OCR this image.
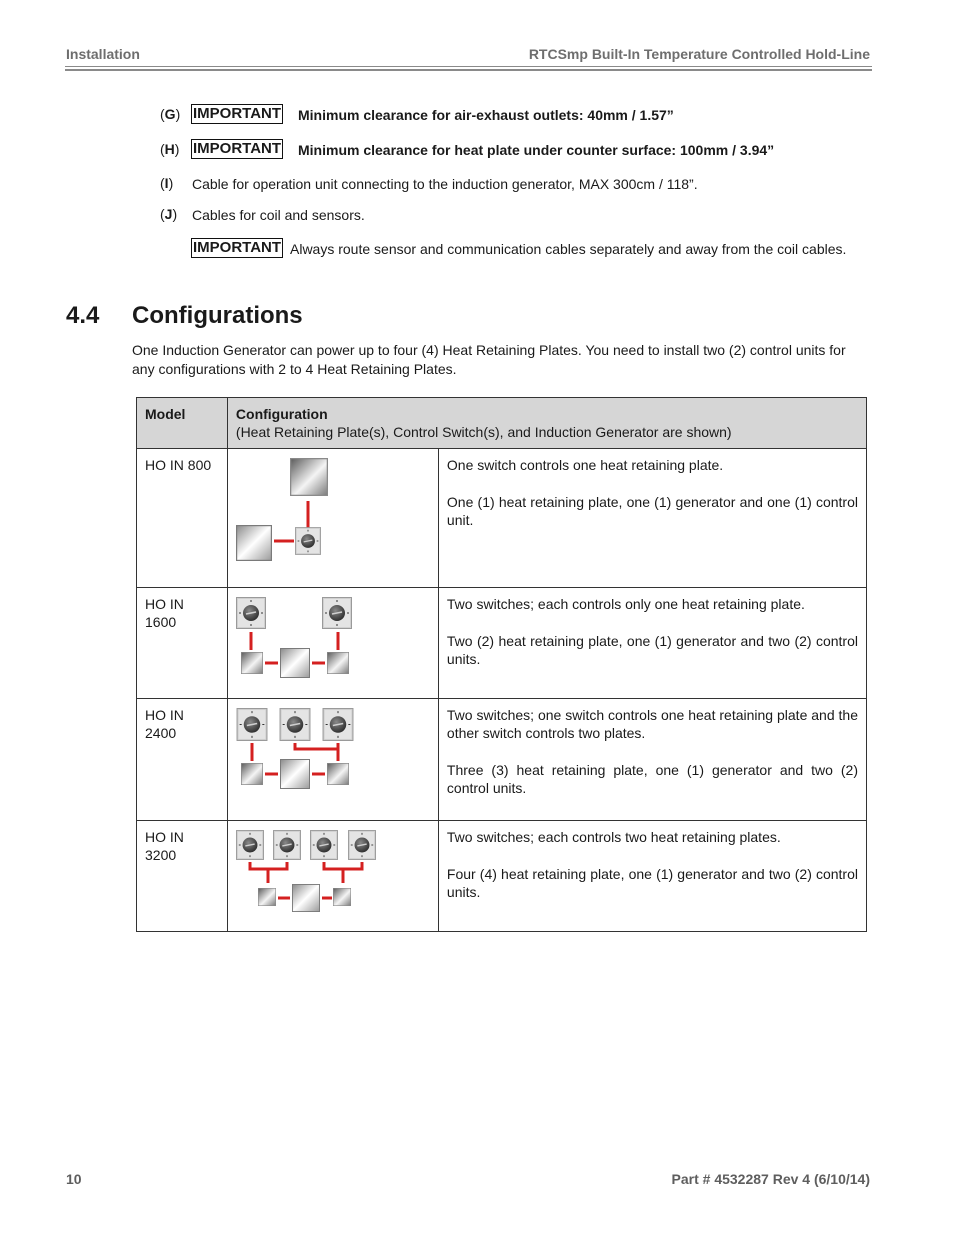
Installation	RTCSmp Built-In Temperature Controlled Hold-Line
(G) IMPORTANT Minimum clearance for air-exhaust outlets: 40mm / 1.57”
(H) IMPORTANT Minimum clearance for heat plate under counter surface: 100mm / 3.94”
(I) Cable for operation unit connecting to the induction generator, MAX 300cm / 118”.
(J) Cables for coil and sensors.
IMPORTANT Always route sensor and communication cables separately and away from the coil cables.
4.4 Configurations
One Induction Generator can power up to four (4) Heat Retaining Plates. You need to install two (2) control units for any configurations with 2 to 4 Heat Retaining Plates.
Model	Configuration
(Heat Retaining Plate(s), Control Switch(s), and Induction Generator are shown)	
HO IN 800		One switch controls one heat retaining plate.

One (1) heat retaining plate, one (1) generator and one (1) control unit.

HO IN 1600		Two switches; each controls only one heat retaining plate.

Two (2) heat retaining plate, one (1) generator and two (2) control units.

HO IN 2400		Two switches; one switch controls one heat retaining plate and the other switch controls two plates.

Three (3) heat retaining plate, one (1) generator and two (2) control units.

HO IN 3200		Two switches; each controls two heat retaining plates.

Four (4) heat retaining plate, one (1) generator and two (2) control units.

10	Part # 4532287 Rev 4 (6/10/14)
